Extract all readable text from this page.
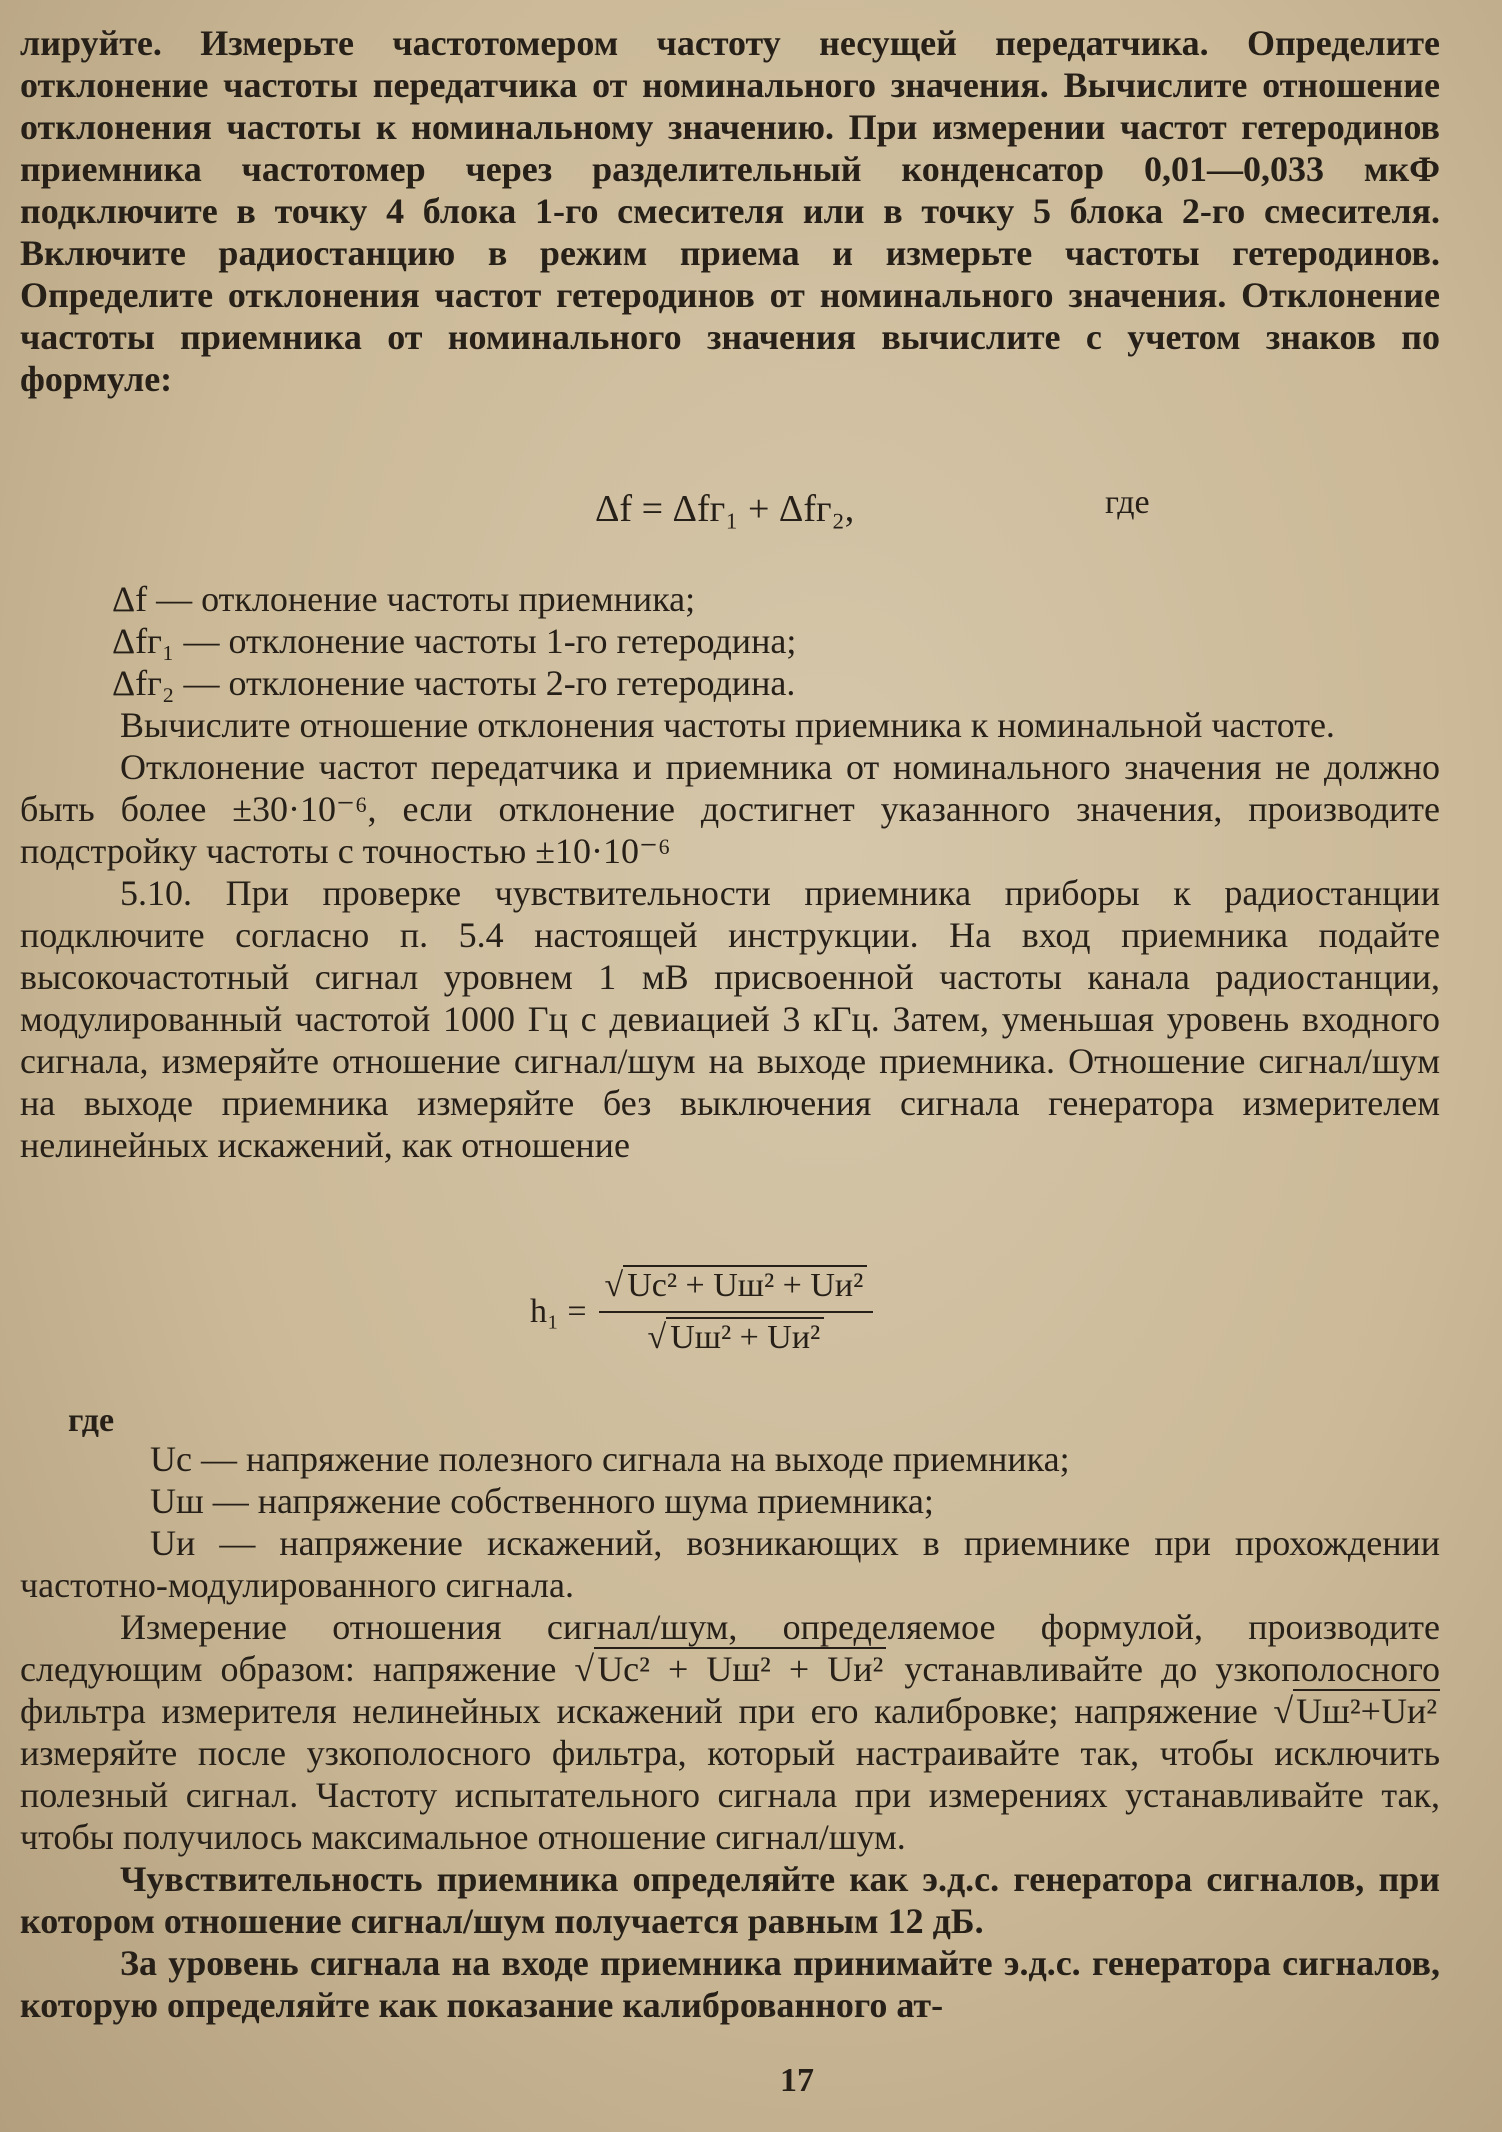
лируйте. Измерьте частотомером частоту несущей передатчика. Определите отклонение частоты передатчика от номинального значения. Вычислите отношение отклонения частоты к номинальному значению. При измерении частот гетеродинов приемника частотомер через разделительный конденсатор 0,01—0,033 мкФ подключите в точку 4 блока 1-го смесителя или в точку 5 блока 2-го смесителя. Включите радиостанцию в режим приема и измерьте частоты гетеродинов. Определите отклонения частот гетеродинов от номинального значения. Отклонение частоты приемника от номинального значения вычислите с учетом знаков по формуле:

Δf = Δfг₁ + Δfг₂,	где

Δf — отклонение частоты приемника;

Δfг₁ — отклонение частоты 1-го гетеродина;

Δfг₂ — отклонение частоты 2-го гетеродина.

Вычислите отношение отклонения частоты приемника к номинальной частоте.

Отклонение частот передатчика и приемника от номинального значения не должно быть более ±30·10⁻⁶, если отклонение достигнет указанного значения, производите подстройку частоты с точностью ±10·10⁻⁶

5.10. При проверке чувствительности приемника приборы к радиостанции подключите согласно п. 5.4 настоящей инструкции. На вход приемника подайте высокочастотный сигнал уровнем 1 мВ присвоенной частоты канала радиостанции, модулированный частотой 1000 Гц с девиацией 3 кГц. Затем, уменьшая уровень входного сигнала, измеряйте отношение сигнал/шум на выходе приемника. Отношение сигнал/шум на выходе приемника измеряйте без выключения сигнала генератора измерителем нелинейных искажений, как отношение

$h_1 = \frac{\text{√ Uc² + Uш² + Uи²}}{\text{√ Uш² + Uи²}}$
где

Uc — напряжение полезного сигнала на выходе приемника;

Uш — напряжение собственного шума приемника;

Uи — напряжение искажений, возникающих в приемнике при прохождении частотно-модулированного сигнала.

Измерение отношения сигнал/шум, определяемое формулой, производите следующим образом: напряжение √Uc² + Uш² + Uи² устанавливайте до узкополосного фильтра измерителя нелинейных искажений при его калибровке; напряжение √Uш²+Uи² измеряйте после узкополосного фильтра, который настраивайте так, чтобы исключить полезный сигнал. Частоту испытательного сигнала при измерениях устанавливайте так, чтобы получилось максимальное отношение сигнал/шум.

Чувствительность приемника определяйте как э.д.с. генератора сигналов, при котором отношение сигнал/шум получается равным 12 дБ.

За уровень сигнала на входе приемника принимайте э.д.с. генератора сигналов, которую определяйте как показание калиброванного ат-

17
